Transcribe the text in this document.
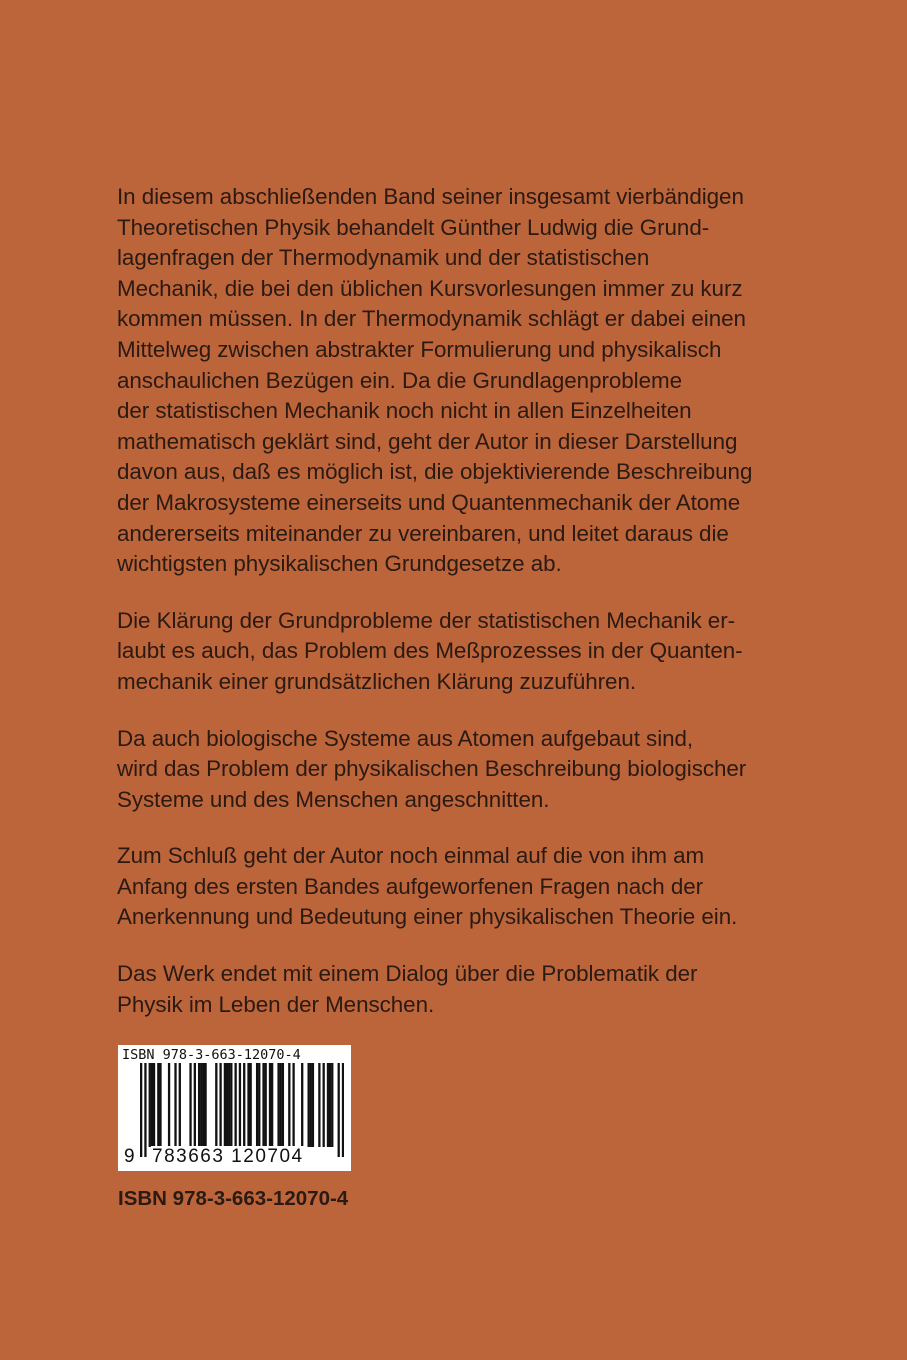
In diesem abschließenden Band seiner insgesamt vierbändigen
Theoretischen Physik behandelt Günther Ludwig die Grund-
lagenfragen der Thermodynamik und der statistischen
Mechanik, die bei den üblichen Kursvorlesungen immer zu kurz
kommen müssen. In der Thermodynamik schlägt er dabei einen
Mittelweg zwischen abstrakter Formulierung und physikalisch
anschaulichen Bezügen ein. Da die Grundlagenprobleme
der statistischen Mechanik noch nicht in allen Einzelheiten
mathematisch geklärt sind, geht der Autor in dieser Darstellung
davon aus, daß es möglich ist, die objektivierende Beschreibung
der Makrosysteme einerseits und Quantenmechanik der Atome
andererseits miteinander zu vereinbaren, und leitet daraus die
wichtigsten physikalischen Grundgesetze ab.

Die Klärung der Grundprobleme der statistischen Mechanik er-
laubt es auch, das Problem des Meßprozesses in der Quanten-
mechanik einer grundsätzlichen Klärung zuzuführen.

Da auch biologische Systeme aus Atomen aufgebaut sind,
wird das Problem der physikalischen Beschreibung biologischer
Systeme und des Menschen angeschnitten.

Zum Schluß geht der Autor noch einmal auf die von ihm am
Anfang des ersten Bandes aufgeworfenen Fragen nach der
Anerkennung und Bedeutung einer physikalischen Theorie ein.

Das Werk endet mit einem Dialog über die Problematik der
Physik im Leben der Menschen.

ISBN 978-3-663-12070-4
9 783663 120704
ISBN 978-3-663-12070-4
